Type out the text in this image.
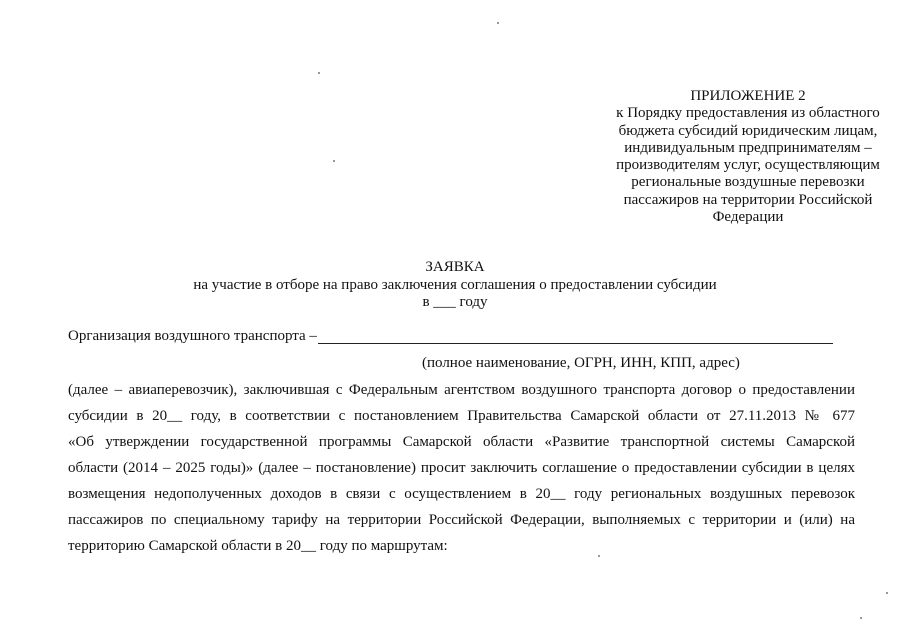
ПРИЛОЖЕНИЕ 2
к Порядку предоставления из областного
бюджета субсидий юридическим лицам,
индивидуальным предпринимателям –
производителям услуг, осуществляющим
региональные воздушные перевозки
пассажиров на территории Российской
Федерации
ЗАЯВКА
на участие в отборе на право заключения соглашения о предоставлении субсидии
в ___ году
Организация воздушного транспорта –
(полное наименование, ОГРН, ИНН, КПП, адрес)
(далее – авиаперевозчик), заключившая с Федеральным агентством воздушного транспорта договор о предоставлении
субсидии в 20__ году, в соответствии с постановлением Правительства Самарской области от 27.11.2013 № 677
«Об утверждении государственной программы Самарской области «Развитие транспортной системы Самарской
области (2014 – 2025 годы)» (далее – постановление) просит заключить соглашение о предоставлении субсидии в целях
возмещения недополученных доходов в связи с осуществлением в 20__ году региональных воздушных перевозок
пассажиров по специальному тарифу на территории Российской Федерации, выполняемых с территории и (или) на
территорию Самарской области в 20__ году по маршрутам:
